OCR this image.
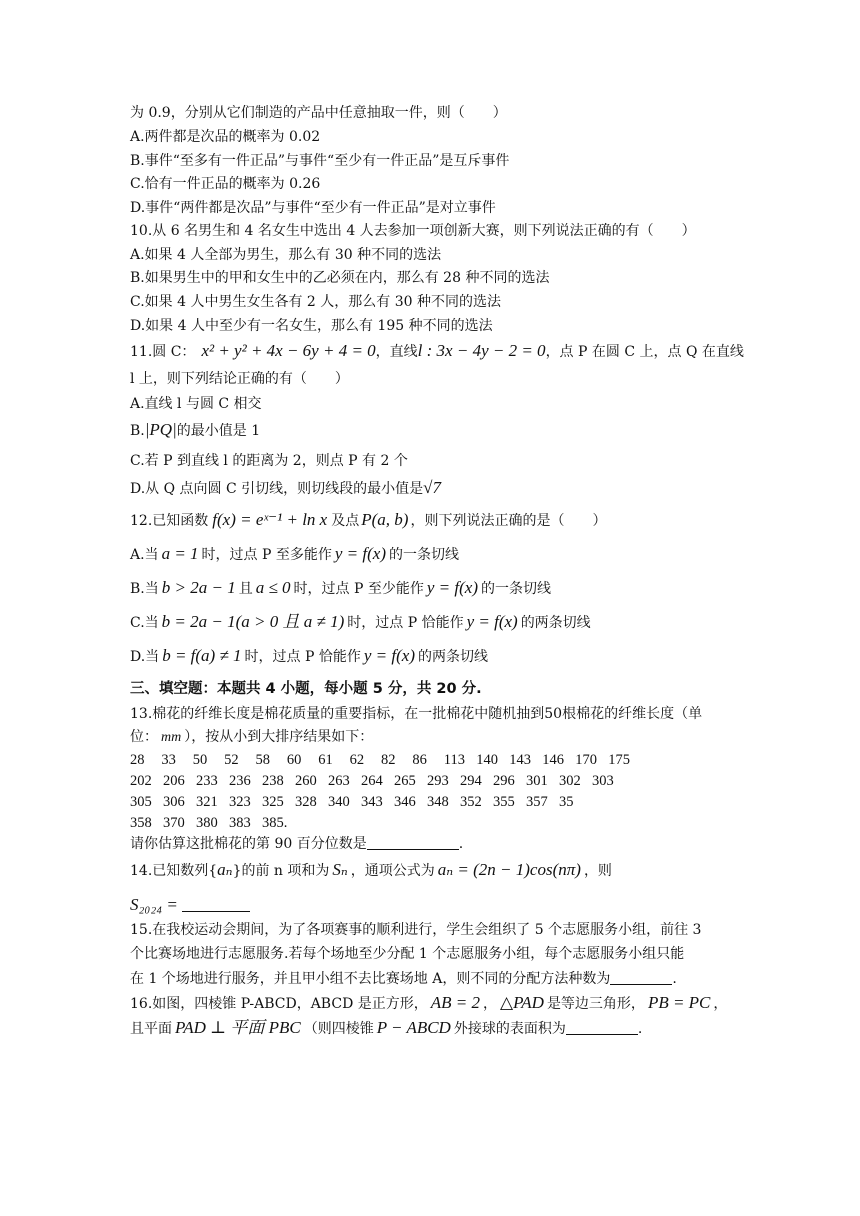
为 0.9，分别从它们制造的产品中任意抽取一件，则（　　）
A.两件都是次品的概率为 0.02
B.事件“至多有一件正品”与事件“至少有一件正品”是互斥事件
C.恰有一件正品的概率为 0.26
D.事件“两件都是次品”与事件“至少有一件正品”是对立事件
10.从 6 名男生和 4 名女生中选出 4 人去参加一项创新大赛，则下列说法正确的有（　　）
A.如果 4 人全部为男生，那么有 30 种不同的选法
B.如果男生中的甲和女生中的乙必须在内，那么有 28 种不同的选法
C.如果 4 人中男生女生各有 2 人，那么有 30 种不同的选法
D.如果 4 人中至少有一名女生，那么有 195 种不同的选法
11.圆 C： x² + y² + 4x − 6y + 4 = 0，直线l : 3x − 4y − 2 = 0，点 P 在圆 C 上，点 Q 在直线
l 上，则下列结论正确的有（　　）
A.直线 l 与圆 C 相交
B.|PQ|的最小值是 1
C.若 P 到直线 l 的距离为 2，则点 P 有 2 个
D.从 Q 点向圆 C 引切线，则切线段的最小值是√7
12.已知函数 f(x) = eˣ⁻¹ + ln x 及点 P(a, b) ，则下列说法正确的是（　　）
A.当 a = 1 时，过点 P 至多能作 y = f(x) 的一条切线
B.当 b > 2a − 1 且 a ≤ 0 时，过点 P 至少能作 y = f(x) 的一条切线
C.当 b = 2a − 1(a > 0 且 a ≠ 1) 时，过点 P 恰能作 y = f(x) 的两条切线
D.当 b = f(a) ≠ 1 时，过点 P 恰能作 y = f(x) 的两条切线
三、填空题：本题共 4 小题，每小题 5 分，共 20 分.
13.棉花的纤维长度是棉花质量的重要指标，在一批棉花中随机抽到50根棉花的纤维长度（单
位： mm ），按从小到大排序结果如下：
28   33   50   52   58   60   61   62   82   86   113  140  143  146  170  175
202  206  233  236  238  260  263  264  265  293  294  296  301  302  303
305  306  321  323  325  328  340  343  346  348  352  355  357  35
358  370  380  383  385.
请你估算这批棉花的第 90 百分位数是	.
14.已知数列{aₙ}的前 n 项和为 Sₙ ，通项公式为 aₙ = (2n − 1)cos(nπ) ，则
S₂₀₂₄ =
15.在我校运动会期间，为了各项赛事的顺利进行，学生会组织了 5 个志愿服务小组，前往 3
个比赛场地进行志愿服务.若每个场地至少分配 1 个志愿服务小组，每个志愿服务小组只能
在 1 个场地进行服务，并且甲小组不去比赛场地 A，则不同的分配方法种数为	.
16.如图，四棱锥 P-ABCD，ABCD 是正方形， AB = 2 ， △PAD 是等边三角形， PB = PC ，
且平面 PAD ⊥ 平面 PBC （则四棱锥 P − ABCD 外接球的表面积为	.
